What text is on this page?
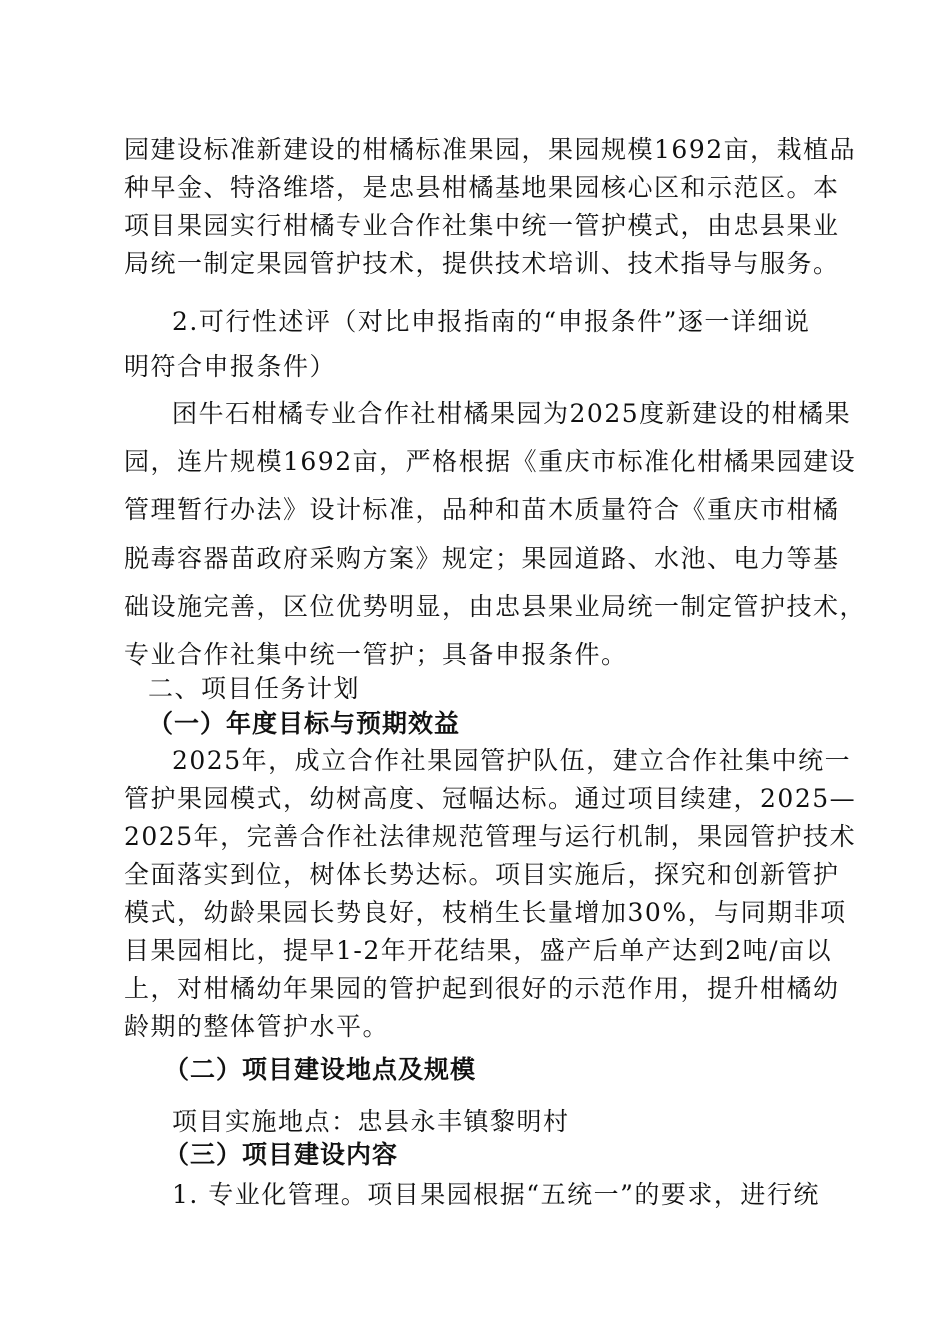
园建设标准新建设的柑橘标准果园，果园规模1692亩，栽植品
种早金、特洛维塔，是忠县柑橘基地果园核心区和示范区。本
项目果园实行柑橘专业合作社集中统一管护模式，由忠县果业
局统一制定果园管护技术，提供技术培训、技术指导与服务。
2.可行性述评（对比申报指南的“申报条件”逐一详细说
明符合申报条件）
囨牛石柑橘专业合作社柑橘果园为2025度新建设的柑橘果
园，连片规模1692亩，严格根据《重庆市标准化柑橘果园建设
管理暂行办法》设计标准，品种和苗木质量符合《重庆市柑橘
脱毒容器苗政府采购方案》规定；果园道路、水池、电力等基
础设施完善，区位优势明显，由忠县果业局统一制定管护技术，
专业合作社集中统一管护；具备申报条件。
二、项目任务计划
（一）年度目标与预期效益
2025年，成立合作社果园管护队伍，建立合作社集中统一
管护果园模式，幼树高度、冠幅达标。通过项目续建，2025—
2025年，完善合作社法律规范管理与运行机制，果园管护技术
全面落实到位，树体长势达标。项目实施后，探究和创新管护
模式，幼龄果园长势良好，枝梢生长量增加30%，与同期非项
目果园相比，提早1-2年开花结果，盛产后单产达到2吨/亩以
上，对柑橘幼年果园的管护起到很好的示范作用，提升柑橘幼
龄期的整体管护水平。
（二）项目建设地点及规模
项目实施地点：忠县永丰镇黎明村
（三）项目建设内容
1. 专业化管理。项目果园根据“五统一”的要求，进行统
